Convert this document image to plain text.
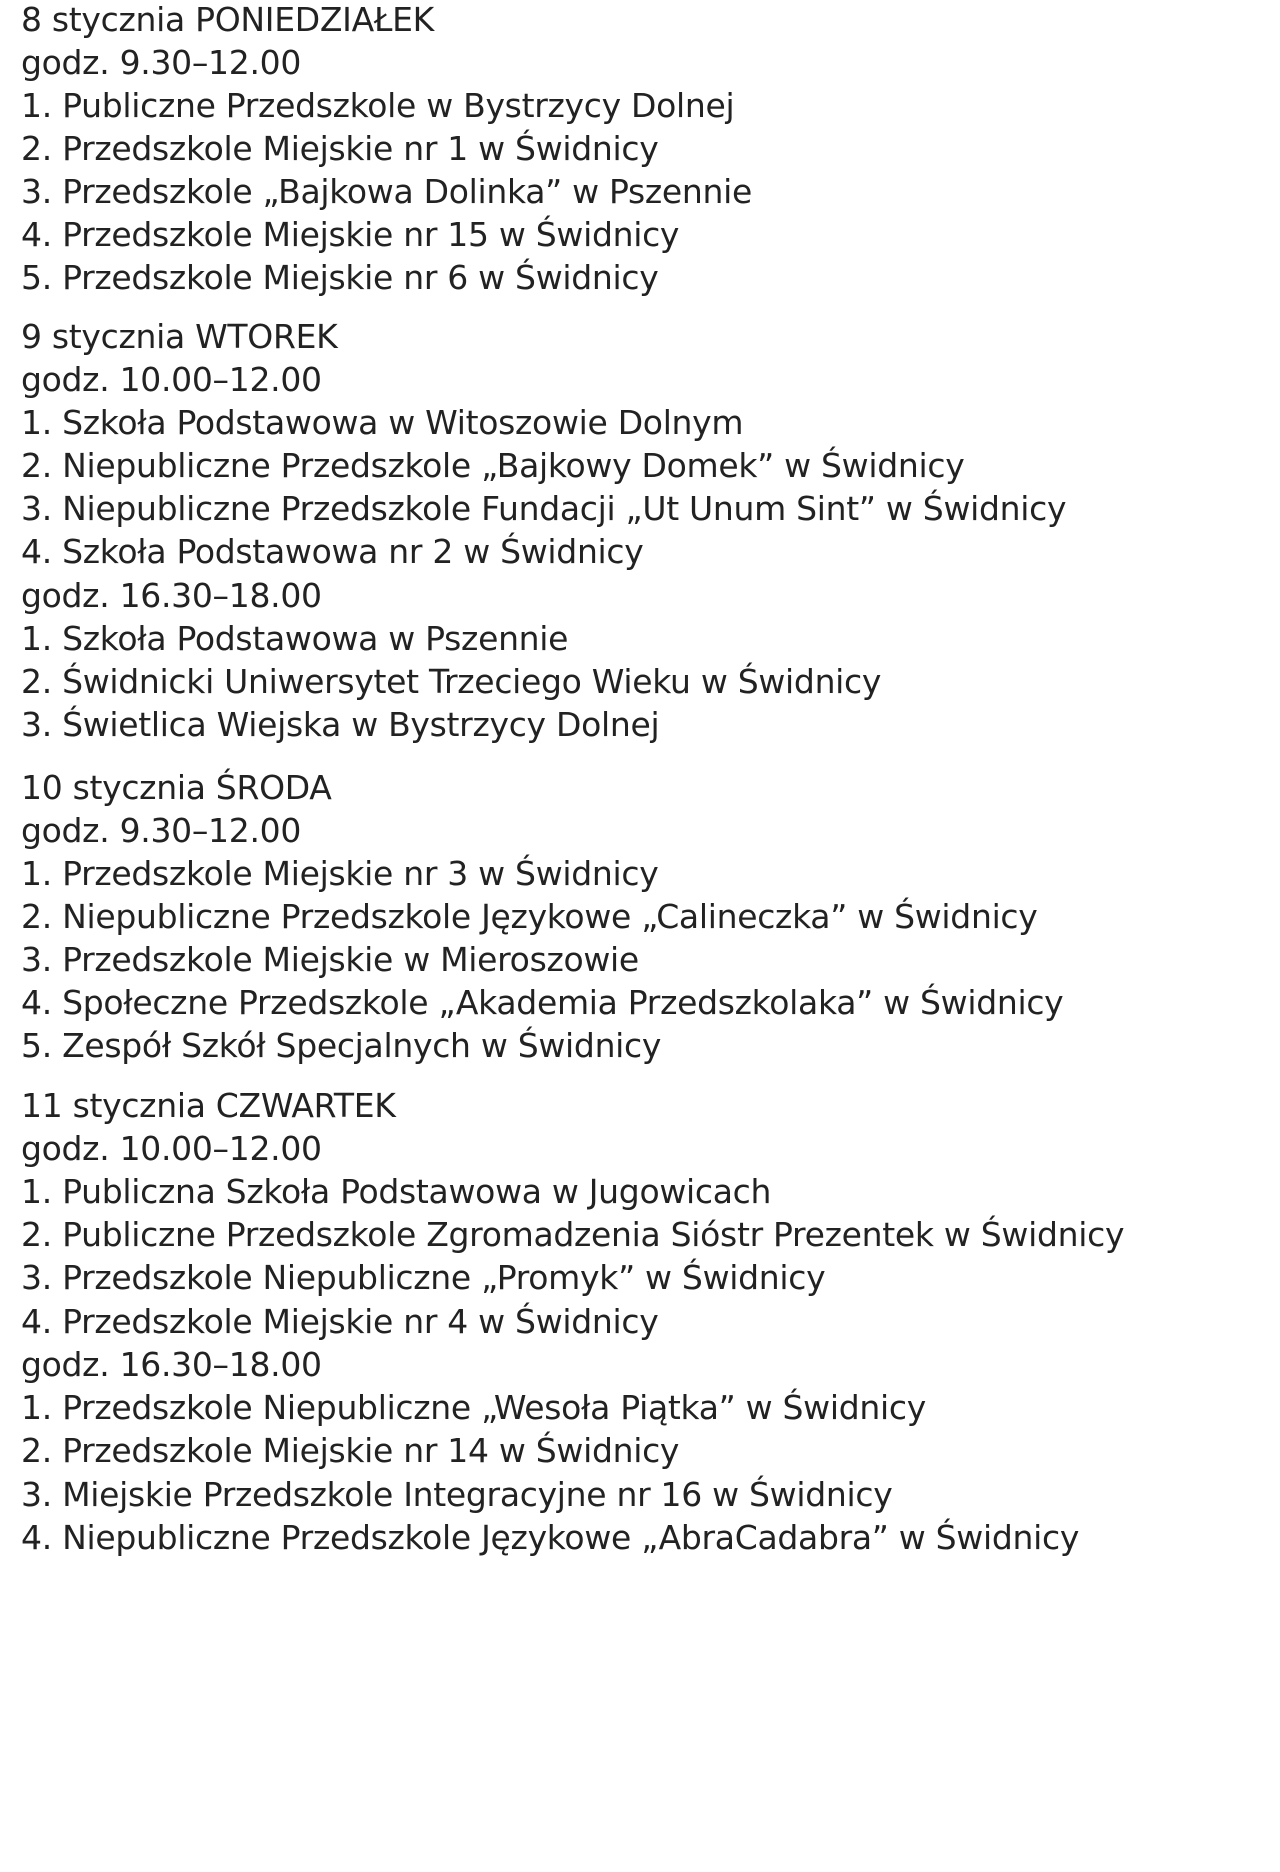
8 stycznia PONIEDZIAŁEK
godz. 9.30–12.00
1. Publiczne Przedszkole w Bystrzycy Dolnej
2. Przedszkole Miejskie nr 1 w Świdnicy
3. Przedszkole „Bajkowa Dolinka” w Pszennie
4. Przedszkole Miejskie nr 15 w Świdnicy
5. Przedszkole Miejskie nr 6 w Świdnicy
9 stycznia WTOREK
godz. 10.00–12.00
1. Szkoła Podstawowa w Witoszowie Dolnym
2. Niepubliczne Przedszkole „Bajkowy Domek” w Świdnicy
3. Niepubliczne Przedszkole Fundacji „Ut Unum Sint” w Świdnicy
4. Szkoła Podstawowa nr 2 w Świdnicy
godz. 16.30–18.00
1. Szkoła Podstawowa w Pszennie
2. Świdnicki Uniwersytet Trzeciego Wieku w Świdnicy
3. Świetlica Wiejska w Bystrzycy Dolnej
10 stycznia ŚRODA
godz. 9.30–12.00
1. Przedszkole Miejskie nr 3 w Świdnicy
2. Niepubliczne Przedszkole Językowe „Calineczka” w Świdnicy
3. Przedszkole Miejskie w Mieroszowie
4. Społeczne Przedszkole „Akademia Przedszkolaka” w Świdnicy
5. Zespół Szkół Specjalnych w Świdnicy
11 stycznia CZWARTEK
godz. 10.00–12.00
1. Publiczna Szkoła Podstawowa w Jugowicach
2. Publiczne Przedszkole Zgromadzenia Sióstr Prezentek w Świdnicy
3. Przedszkole Niepubliczne „Promyk” w Świdnicy
4. Przedszkole Miejskie nr 4 w Świdnicy
godz. 16.30–18.00
1. Przedszkole Niepubliczne „Wesoła Piątka” w Świdnicy
2. Przedszkole Miejskie nr 14 w Świdnicy
3. Miejskie Przedszkole Integracyjne nr 16 w Świdnicy
4. Niepubliczne Przedszkole Językowe „AbraCadabra” w Świdnicy
